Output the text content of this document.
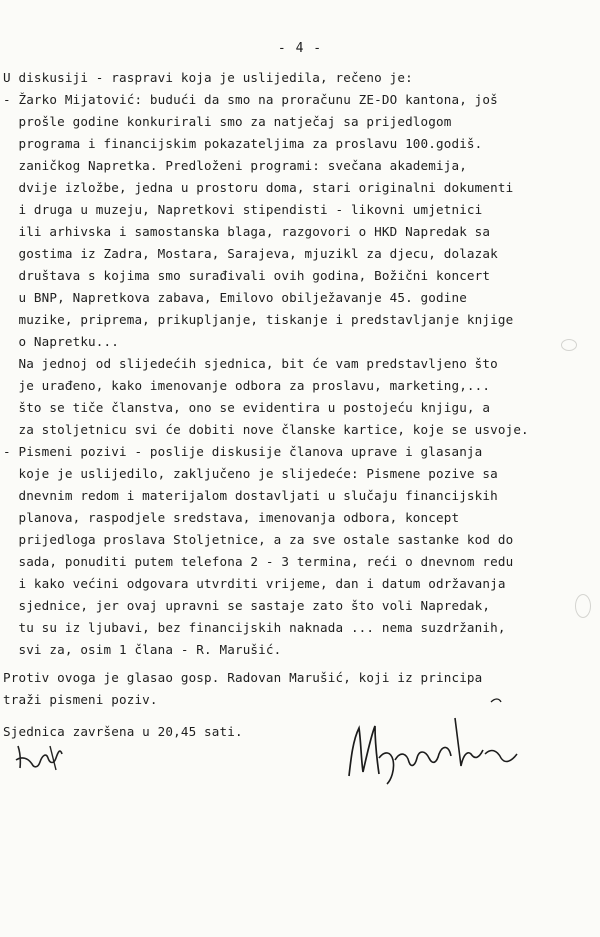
- 4 -
U diskusiji - raspravi koja je uslijedila, rečeno je:
- Žarko Mijatović: budući da smo na proračunu ZE-DO kantona, još
prošle godine konkurirali smo za natječaj sa prijedlogom
programa i financijskim pokazateljima za proslavu 100.godiš.
zaničkog Napretka. Predloženi programi: svečana akademija,
dvije izložbe, jedna u prostoru doma, stari originalni dokumenti
i druga u muzeju, Napretkovi stipendisti - likovni umjetnici
ili arhivska i samostanska blaga, razgovori o HKD Napredak sa
gostima iz Zadra, Mostara, Sarajeva, mjuzikl za djecu, dolazak
društava s kojima smo surađivali ovih godina, Božični koncert
u BNP, Napretkova zabava, Emilovo obilježavanje 45. godine
muzike, priprema, prikupljanje, tiskanje i predstavljanje knjige
o Napretku...
Na jednoj od slijedećih sjednica, bit će vam predstavljeno što
je urađeno, kako imenovanje odbora za proslavu, marketing,...
što se tiče članstva, ono se evidentira u postojeću knjigu, a
za stoljetnicu svi će dobiti nove članske kartice, koje se usvoje.
- Pismeni pozivi - poslije diskusije članova uprave i glasanja
koje je uslijedilo, zaključeno je slijedeće: Pismene pozive sa
dnevnim redom i materijalom dostavljati u slučaju financijskih
planova, raspodjele sredstava, imenovanja odbora, koncept
prijedloga proslava Stoljetnice, a za sve ostale sastanke kod do
sada, ponuditi putem telefona 2 - 3 termina, reći o dnevnom redu
i kako većini odgovara utvrditi vrijeme, dan i datum održavanja
sjednice, jer ovaj upravni se sastaje zato što voli Napredak,
tu su iz ljubavi, bez financijskih naknada ... nema suzdržanih,
svi za, osim 1 člana - R. Marušić.
Protiv ovoga je glasao gosp. Radovan Marušić, koji iz principa
traži pismeni poziv.
Sjednica završena u 20,45 sati.
